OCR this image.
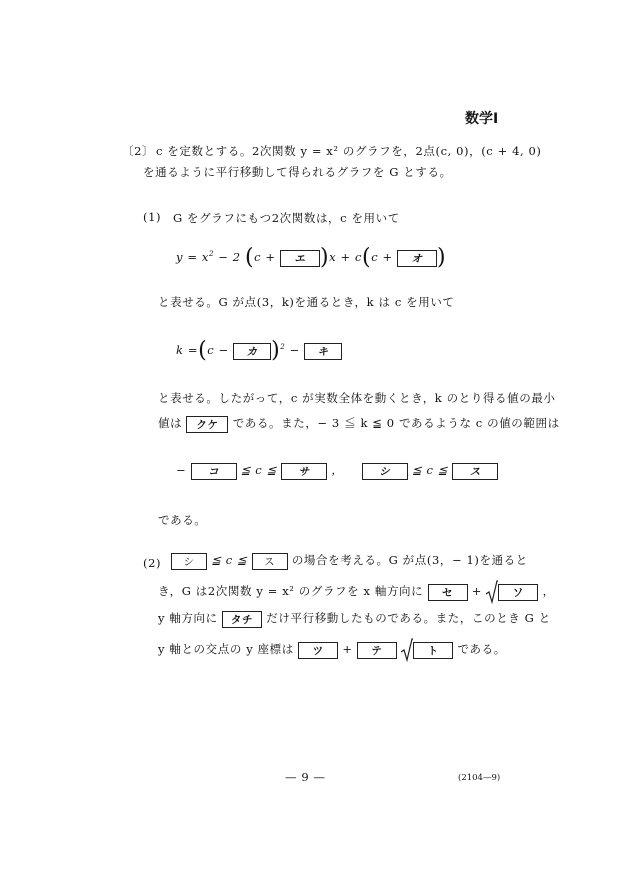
数学Ⅰ
〔2〕 c を定数とする。2次関数 y = x² のグラフを，2点(c, 0)，(c + 4, 0)
を通るように平行移動して得られるグラフを G とする。
(1) G をグラフにもつ2次関数は，c を用いて
$y = x^2 - 2$ (c + エ )x + c(c + オ )
と表せる。G が点(3，k)を通るとき，k は c を用いて
k =(c − カ )$^2$ − キ
と表せる。したがって，c が実数全体を動くとき，k のとり得る値の最小
値は クケ である。また，− 3 ≦ k ≦ 0 であるような c の値の範囲は
− コ ≦ c ≦ サ ，	シ ≦ c ≦ ス
である。
(2)	シ ≦ c ≦ ス の場合を考える。G が点(3，− 1)を通ると
き，G は2次関数 y = x² のグラフを x 軸方向に セ +	ソ ，
y 軸方向に タチ だけ平行移動したものである。また，このとき G と
y 軸との交点の y 座標は ツ + テ	ト である。
— 9 —	(2104—9)
